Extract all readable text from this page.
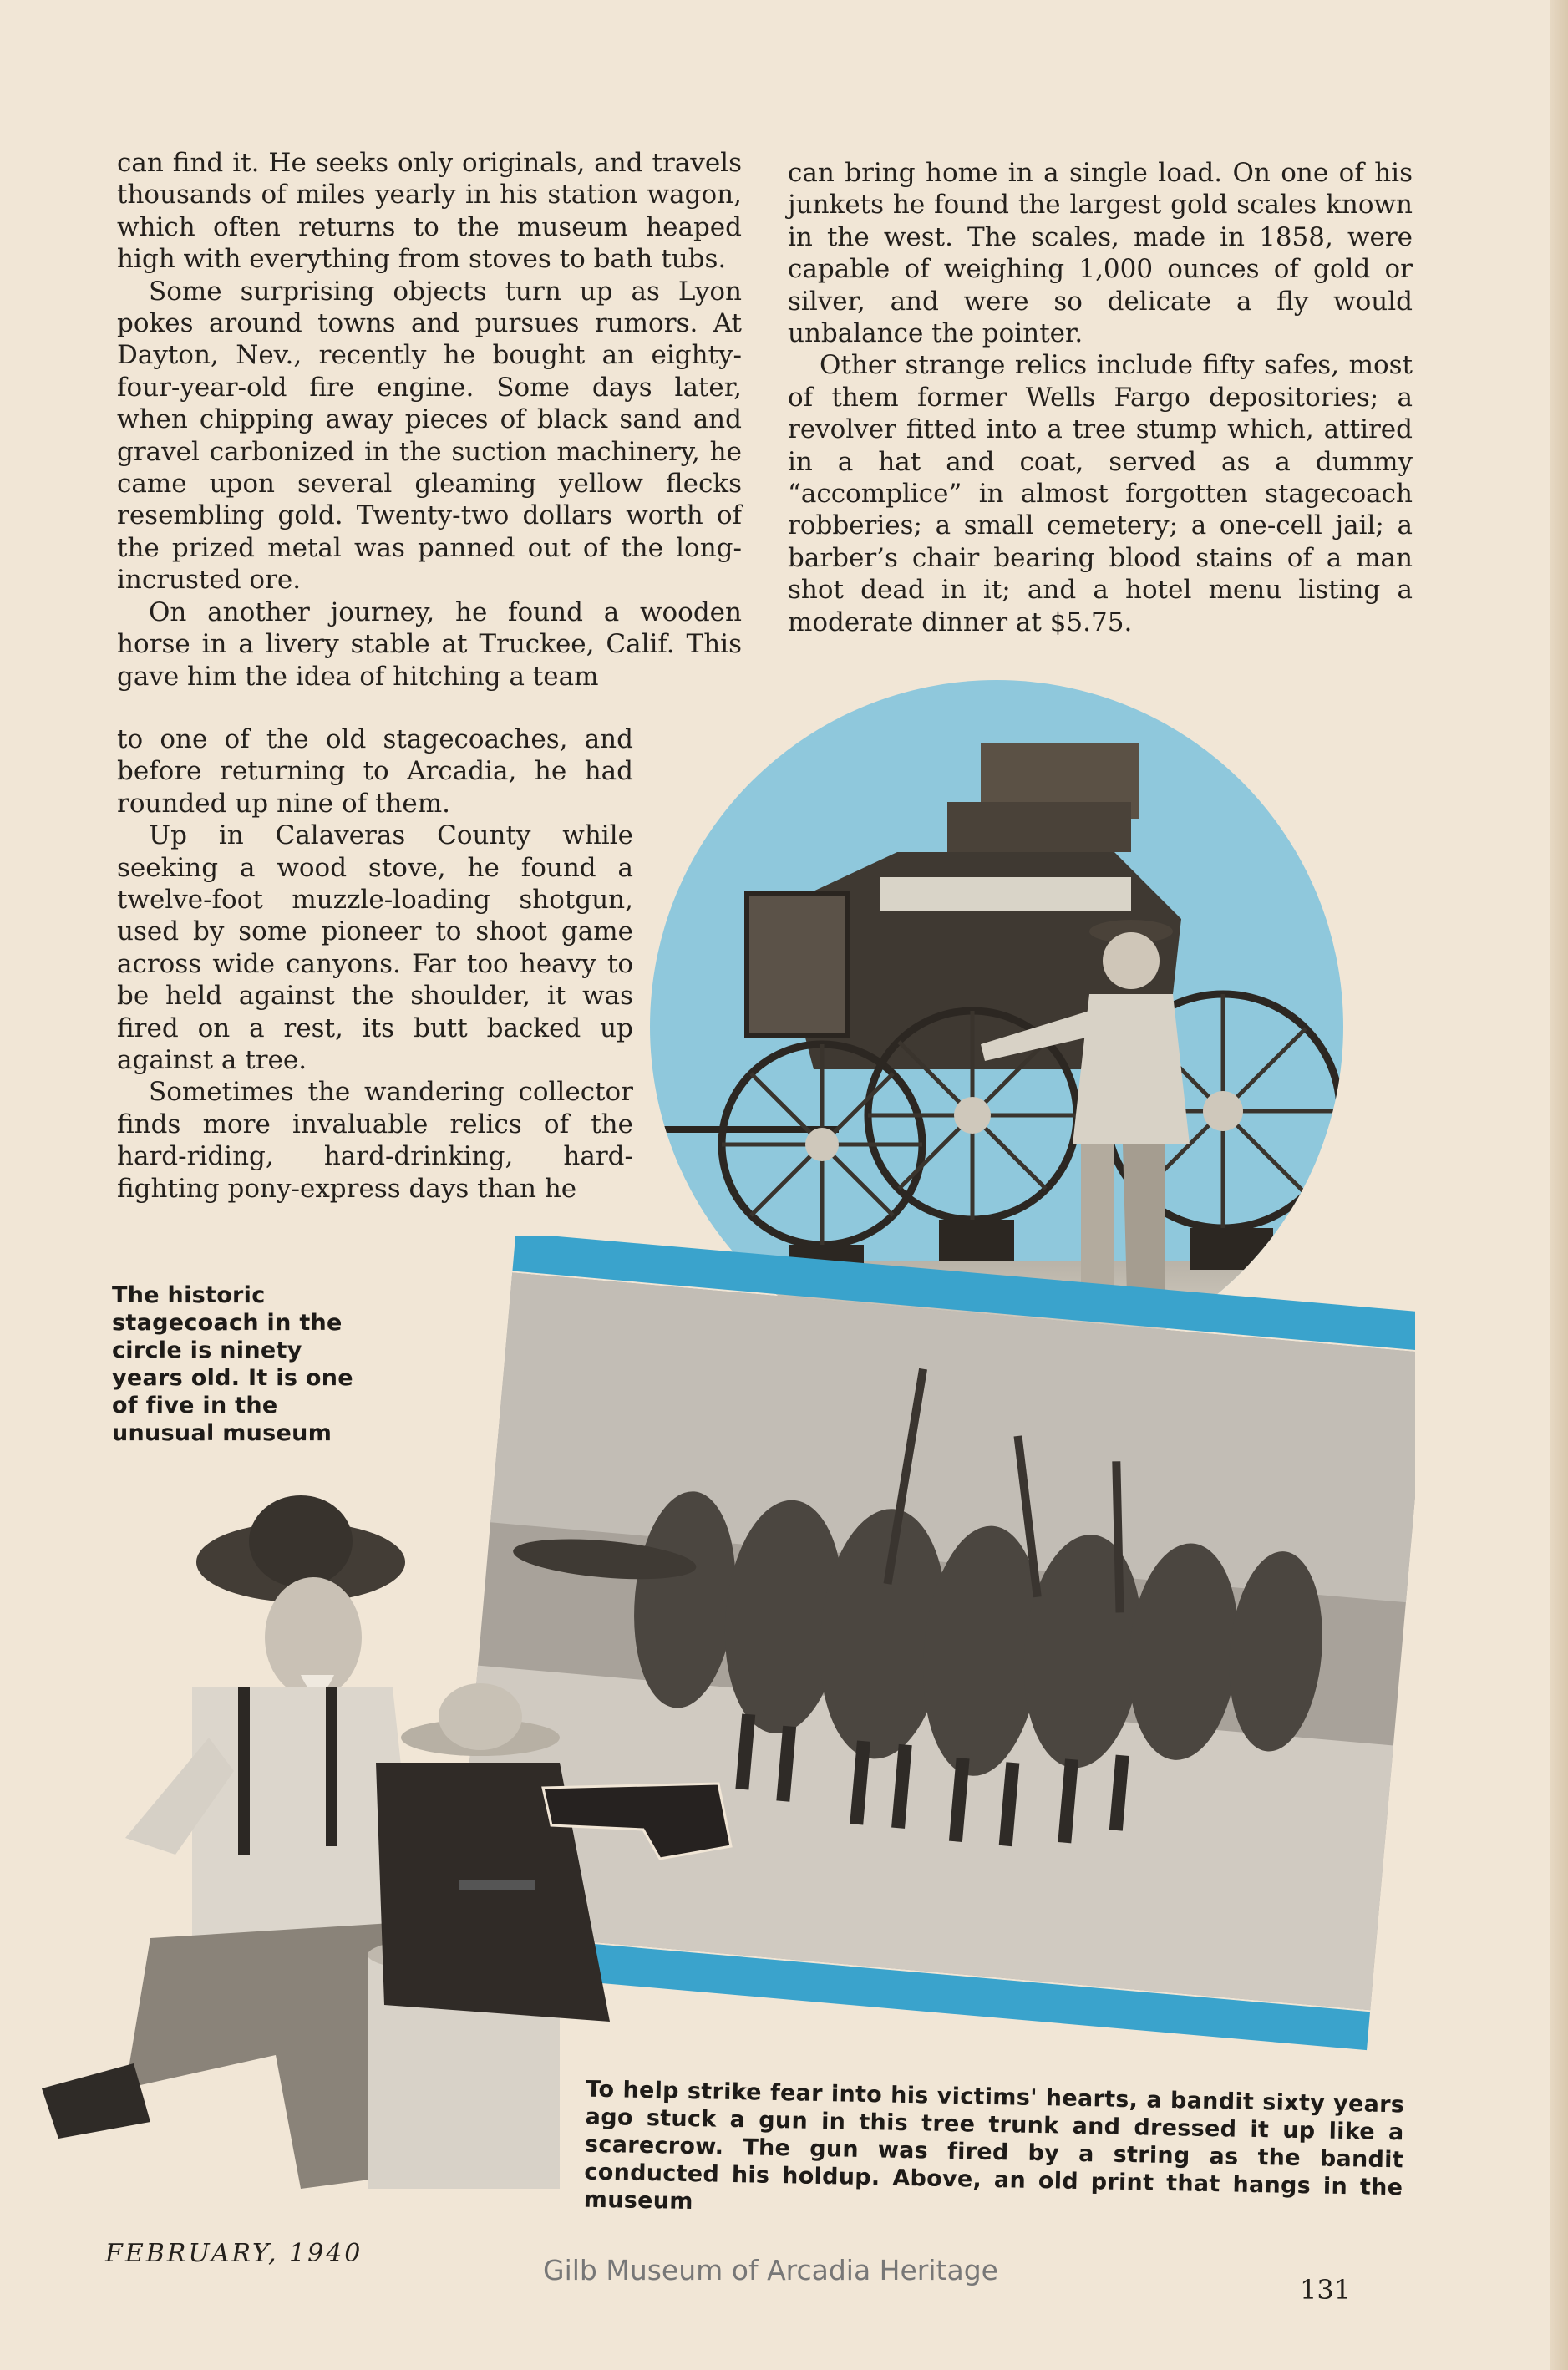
can find it. He seeks only originals, and travels thousands of miles yearly in his station wagon, which often returns to the museum heaped high with everything from stoves to bath tubs.

Some surprising objects turn up as Lyon pokes around towns and pursues rumors. At Dayton, Nev., recently he bought an eighty-four-year-old fire engine. Some days later, when chipping away pieces of black sand and gravel carbonized in the suction machinery, he came upon several gleaming yellow flecks resembling gold. Twenty-two dollars worth of the prized metal was panned out of the long-incrusted ore.

On another journey, he found a wooden horse in a livery stable at Truckee, Calif. This gave him the idea of hitching a team

to one of the old stagecoaches, and before returning to Arcadia, he had rounded up nine of them.

Up in Calaveras County while seeking a wood stove, he found a twelve-foot muzzle-loading shotgun, used by some pioneer to shoot game across wide canyons. Far too heavy to be held against the shoulder, it was fired on a rest, its butt backed up against a tree.

Sometimes the wandering collector finds more invaluable relics of the hard-riding, hard-drinking, hard-fighting pony-express days than he

can bring home in a single load. On one of his junkets he found the largest gold scales known in the west. The scales, made in 1858, were capable of weighing 1,000 ounces of gold or silver, and were so delicate a fly would unbalance the pointer.

Other strange relics include fifty safes, most of them former Wells Fargo depositories; a revolver fitted into a tree stump which, attired in a hat and coat, served as a dummy “accomplice” in almost forgotten stagecoach robberies; a small cemetery; a one-cell jail; a barber’s chair bearing blood stains of a man shot dead in it; and a hotel menu listing a moderate dinner at $5.75.

The historic stagecoach in the circle is ninety years old. It is one of five in the unusual museum
To help strike fear into his victims' hearts, a bandit sixty years ago stuck a gun in this tree trunk and dressed it up like a scarecrow. The gun was fired by a string as the bandit conducted his holdup. Above, an old print that hangs in the museum
FEBRUARY, 1940
Gilb Museum of Arcadia Heritage
131
